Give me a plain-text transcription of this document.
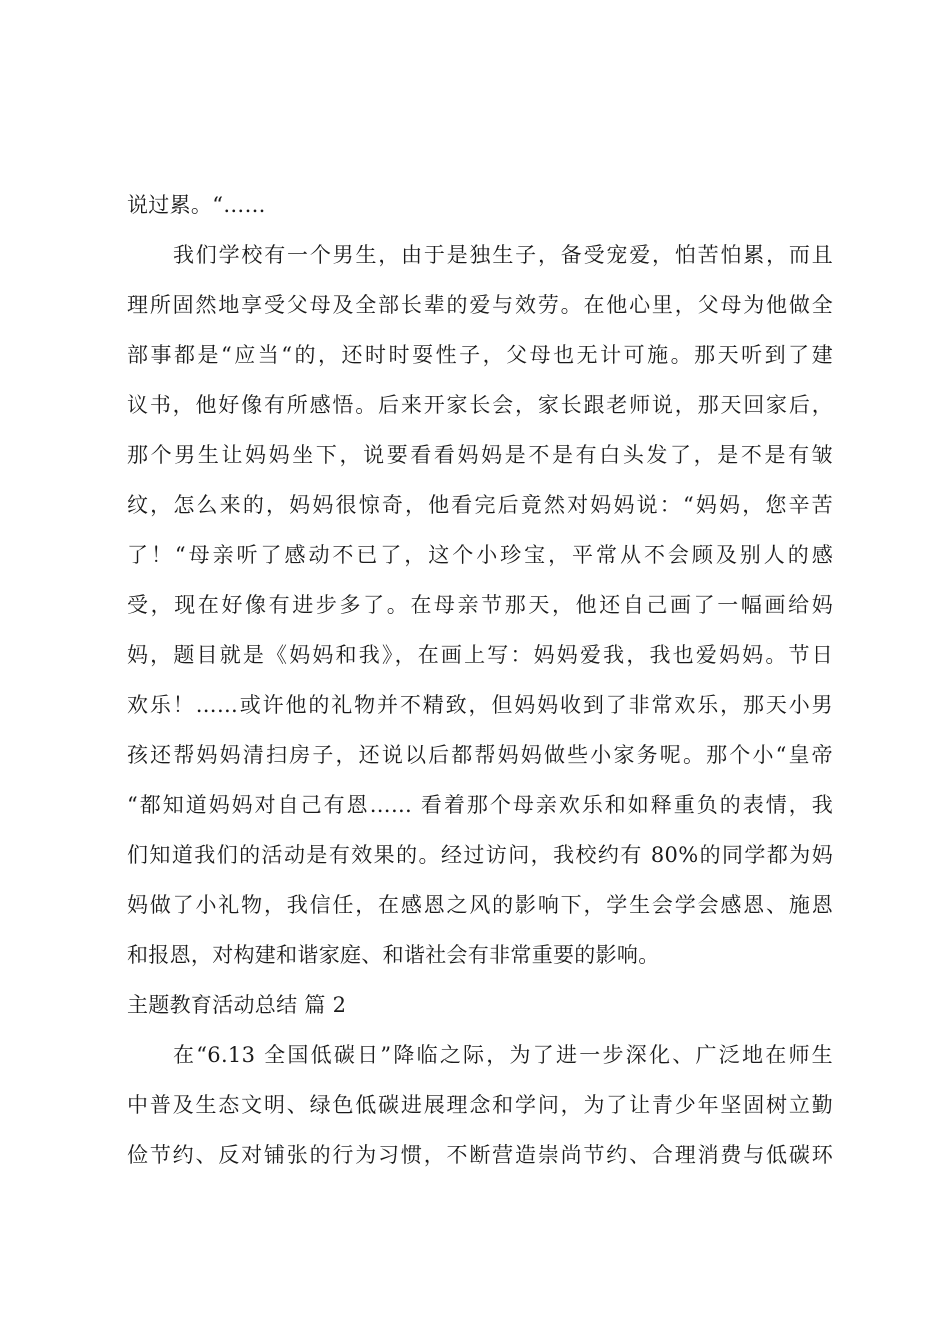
说过累。“……
我们学校有一个男生，由于是独生子，备受宠爱，怕苦怕累，而且
理所固然地享受父母及全部长辈的爱与效劳。在他心里，父母为他做全
部事都是“应当“的，还时时耍性子，父母也无计可施。那天听到了建
议书，他好像有所感悟。后来开家长会，家长跟老师说，那天回家后，
那个男生让妈妈坐下，说要看看妈妈是不是有白头发了，是不是有皱
纹，怎么来的，妈妈很惊奇，他看完后竟然对妈妈说：“妈妈，您辛苦
了！“母亲听了感动不已了，这个小珍宝，平常从不会顾及别人的感
受，现在好像有进步多了。在母亲节那天，他还自己画了一幅画给妈
妈，题目就是《妈妈和我》，在画上写：妈妈爱我，我也爱妈妈。节日
欢乐！……或许他的礼物并不精致，但妈妈收到了非常欢乐，那天小男
孩还帮妈妈清扫房子，还说以后都帮妈妈做些小家务呢。那个小“皇帝
“都知道妈妈对自己有恩…… 看着那个母亲欢乐和如释重负的表情，我
们知道我们的活动是有效果的。经过访问，我校约有 80%的同学都为妈
妈做了小礼物，我信任，在感恩之风的影响下，学生会学会感恩、施恩
和报恩，对构建和谐家庭、和谐社会有非常重要的影响。
主题教育活动总结 篇 2
在“6.13 全国低碳日”降临之际，为了进一步深化、广泛地在师生
中普及生态文明、绿色低碳进展理念和学问，为了让青少年坚固树立勤
俭节约、反对铺张的行为习惯，不断营造崇尚节约、合理消费与低碳环
